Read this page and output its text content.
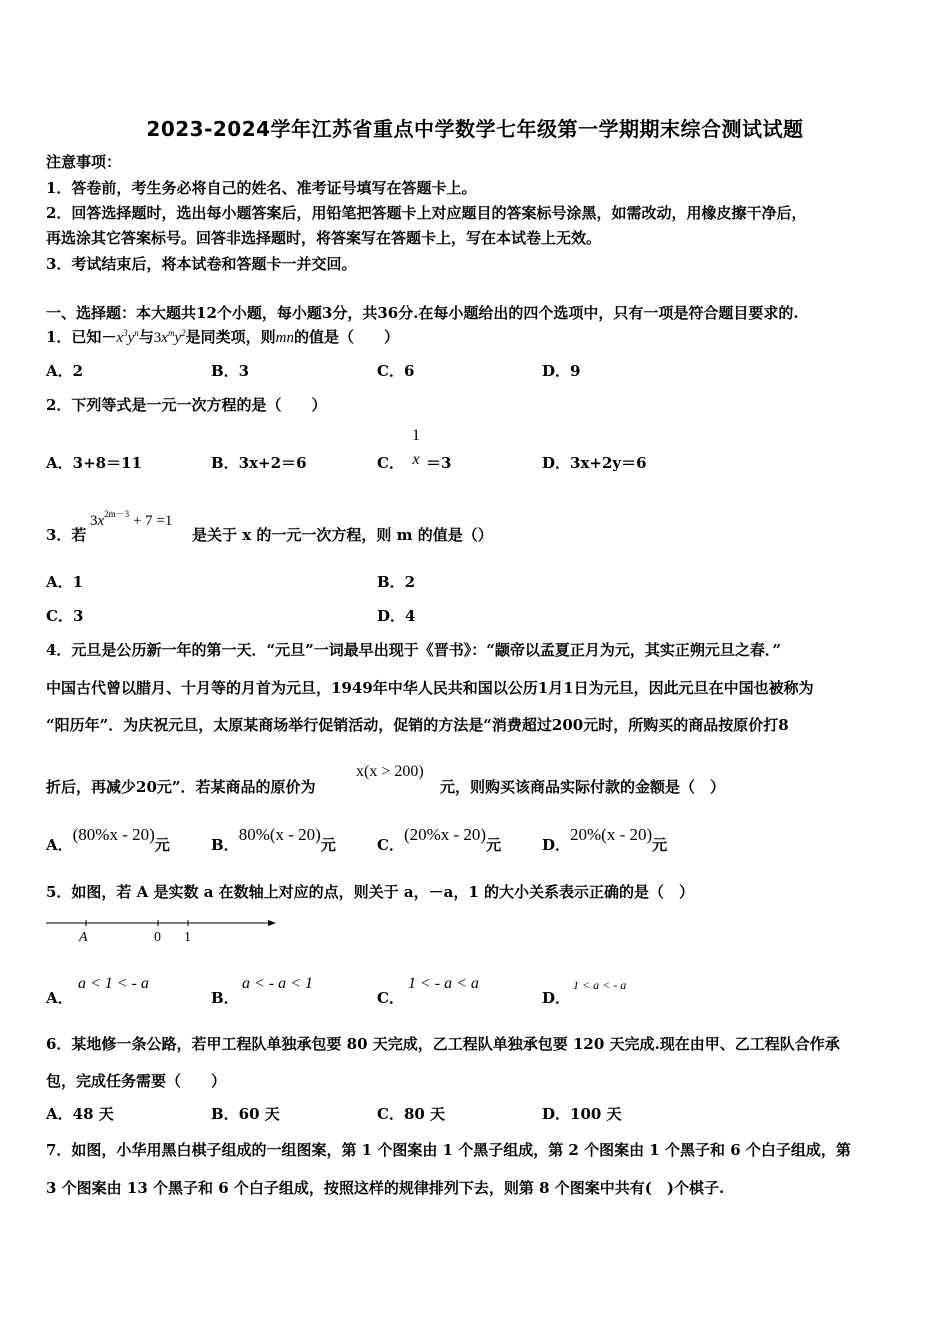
2023-2024学年江苏省重点中学数学七年级第一学期期末综合测试试题
注意事项：
1．答卷前，考生务必将自己的姓名、准考证号填写在答题卡上。
2．回答选择题时，选出每小题答案后，用铅笔把答题卡上对应题目的答案标号涂黑，如需改动，用橡皮擦干净后，
再选涂其它答案标号。回答非选择题时，将答案写在答题卡上，写在本试卷上无效。
3．考试结束后，将本试卷和答题卡一并交回。
一、选择题：本大题共12个小题，每小题3分，共36分.在每小题给出的四个选项中，只有一项是符合题目要求的.
1．已知$-x^3y^n$与$3x^my^2$是同类项，则mn的值是（　　）
A．2	B．3	C．6	D．9
2．下列等式是一元一次方程的是（　　）
A．3+8＝11	B．3x+2＝6	C． ＝3
1
x	D．3x+2y＝6
3．若
$3x^{2m-3} + 7 =1$
是关于 x 的一元一次方程，则 m 的值是（）
A．1	B．2
C．3	D．4
4．元旦是公历新一年的第一天．“元旦”一词最早出现于《晋书》：“颛帝以孟夏正月为元，其实正朔元旦之春．”
中国古代曾以腊月、十月等的月首为元旦，1949年中华人民共和国以公历1月1日为元旦，因此元旦在中国也被称为
“阳历年”．为庆祝元旦，太原某商场举行促销活动，促销的方法是“消费超过200元时，所购买的商品按原价打8
折后，再减少20元”．若某商品的原价为
x(x > 200)
元，则购买该商品实际付款的金额是（　）
A．(80%x - 20)元	B．80%(x - 20)元	C．(20%x - 20)元	D．20%(x - 20)元
5．如图，若 A 是实数 a 在数轴上对应的点，则关于 a，－a，1 的大小关系表示正确的是（　）
A	0 1
A．
a < 1 < - a
B．
a < - a < 1
C．
1 < - a < a
D．
1 < a < - a
6．某地修一条公路，若甲工程队单独承包要 80 天完成，乙工程队单独承包要 120 天完成.现在由甲、乙工程队合作承
包，完成任务需要（　　）
A．48 天	B．60 天	C．80 天	D．100 天
7．如图，小华用黑白棋子组成的一组图案，第 1 个图案由 1 个黑子组成，第 2 个图案由 1 个黑子和 6 个白子组成，第
3 个图案由 13 个黑子和 6 个白子组成，按照这样的规律排列下去，则第 8 个图案中共有(　)个棋子.
